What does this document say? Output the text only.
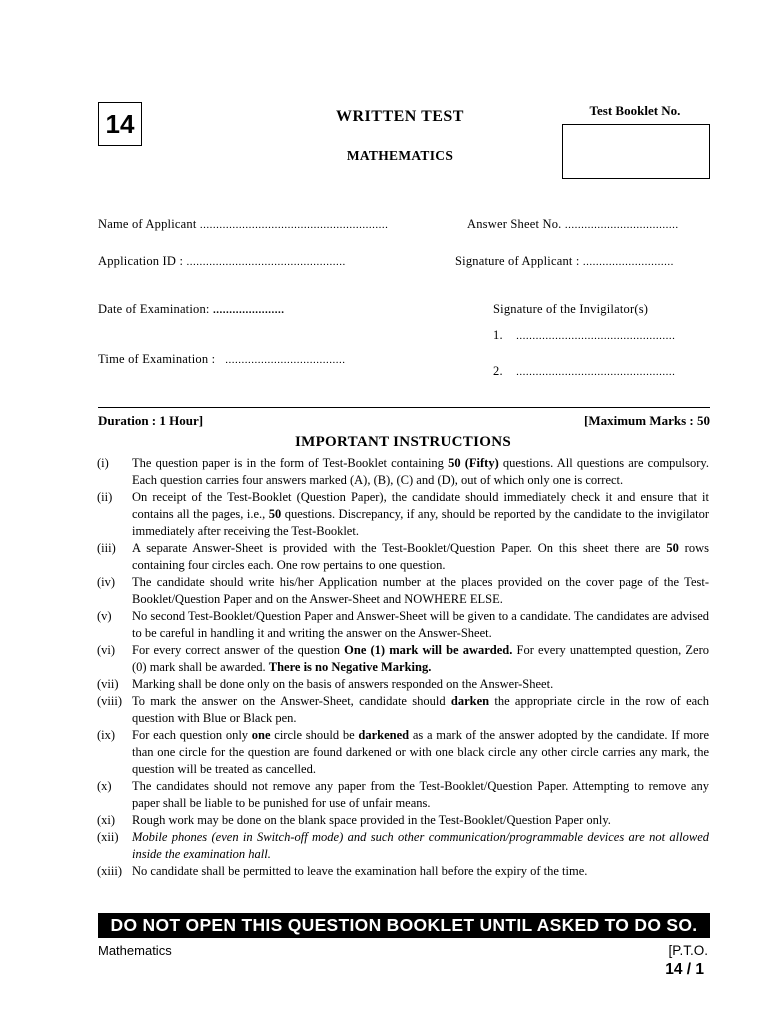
14	WRITTEN TEST
MATHEMATICS
Test Booklet No.
Name of Applicant ..........................................................	Answer Sheet No. ...................................
Application ID : .................................................	Signature of Applicant : ............................
Date of Examination: ......................	Signature of the Invigilator(s)
1. .................................................
Time of Examination : .....................................
2. .................................................
Duration : 1 Hour]	[Maximum Marks : 50
IMPORTANT INSTRUCTIONS
(i)	The question paper is in the form of Test-Booklet containing 50 (Fifty) questions. All questions are compulsory. Each question carries four answers marked (A), (B), (C) and (D), out of which only one is correct.
(ii)	On receipt of the Test-Booklet (Question Paper), the candidate should immediately check it and ensure that it contains all the pages, i.e., 50 questions. Discrepancy, if any, should be reported by the candidate to the invigilator immediately after receiving the Test-Booklet.
(iii)	A separate Answer-Sheet is provided with the Test-Booklet/Question Paper. On this sheet there are 50 rows containing four circles each. One row pertains to one question.
(iv)	The candidate should write his/her Application number at the places provided on the cover page of the Test-Booklet/Question Paper and on the Answer-Sheet and NOWHERE ELSE.
(v)	No second Test-Booklet/Question Paper and Answer-Sheet will be given to a candidate. The candidates are advised to be careful in handling it and writing the answer on the Answer-Sheet.
(vi)	For every correct answer of the question One (1) mark will be awarded. For every unattempted question, Zero (0) mark shall be awarded. There is no Negative Marking.
(vii)	Marking shall be done only on the basis of answers responded on the Answer-Sheet.
(viii) To mark the answer on the Answer-Sheet, candidate should darken the appropriate circle in the row of each question with Blue or Black pen.
(ix)	For each question only one circle should be darkened as a mark of the answer adopted by the candidate. If more than one circle for the question are found darkened or with one black circle any other circle carries any mark, the question will be treated as cancelled.
(x)	The candidates should not remove any paper from the Test-Booklet/Question Paper. Attempting to remove any paper shall be liable to be punished for use of unfair means.
(xi)	Rough work may be done on the blank space provided in the Test-Booklet/Question Paper only.
(xii)	Mobile phones (even in Switch-off mode) and such other communication/programmable devices are not allowed inside the examination hall.
(xiii) No candidate shall be permitted to leave the examination hall before the expiry of the time.
DO NOT OPEN THIS QUESTION BOOKLET UNTIL ASKED TO DO SO.
Mathematics	[P.T.O.
14 / 1
